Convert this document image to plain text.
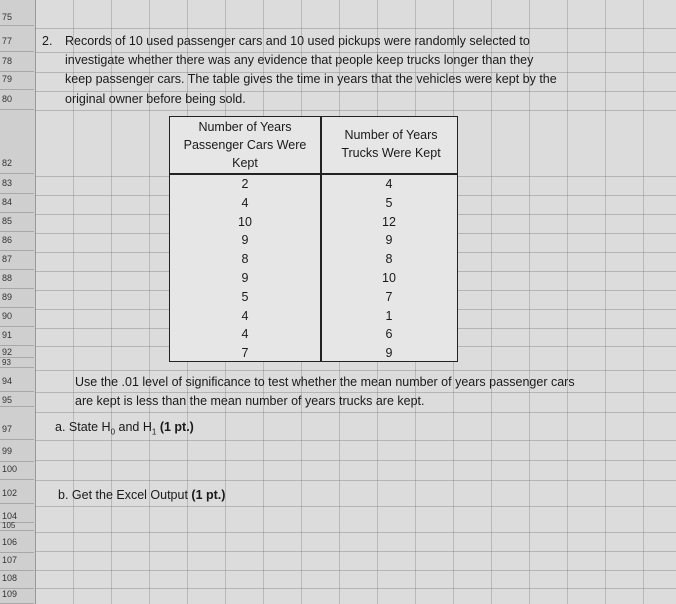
75
77
78
79
80
82
83
84
85
86
87
88
89
90
91
92
93
94
95
97
99
100
102
104
105
106
107
108
109
2. Records of 10 used passenger cars and 10 used pickups were randomly selected to
investigate whether there was any evidence that people keep trucks longer than they
keep passenger cars. The table gives the time in years that the vehicles were kept by the
original owner before being sold.
Number of Years Passenger Cars Were Kept
Number of Years Trucks Were Kept
2	4
4	5
10	12
9	9
8	8
9	10
5	7
4	1
4	6
7	9
Use the .01 level of significance to test whether the mean number of years passenger cars
are kept is less than the mean number of years trucks are kept.
a. State $H_0$ and $H_1$ (1 pt.)
b. Get the Excel Output (1 pt.)
